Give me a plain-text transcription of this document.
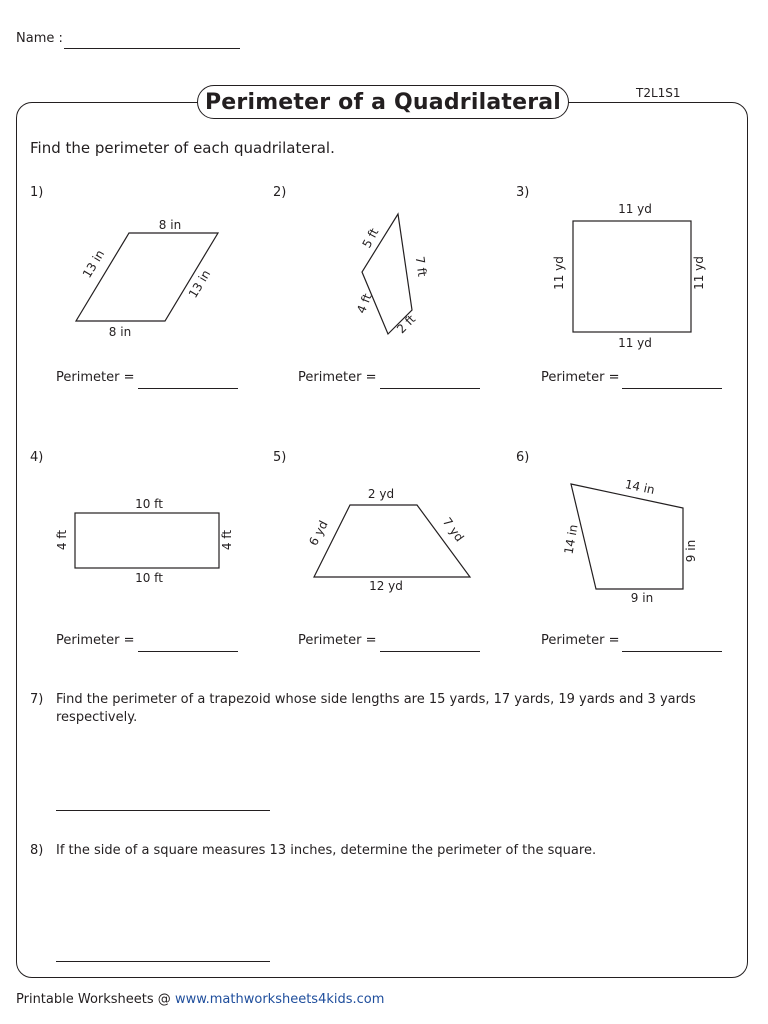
Name :
Perimeter of a Quadrilateral	T2L1S1
Find the perimeter of each quadrilateral.
1)	2)	3)
4)	5)	6)
8 in
13 in
13 in
8 in
5 ft
7 ft
4 ft
2 ft
11 yd
11 yd	11 yd
11 yd
10 ft
4 ft	4 ft
10 ft
2 yd
6 yd	7 yd
12 yd
14 in
14 in	9 in
9 in
Perimeter =	Perimeter =	Perimeter =
Perimeter =	Perimeter =	Perimeter =
7) Find the perimeter of a trapezoid whose side lengths are 15 yards, 17 yards, 19 yards and 3 yards
respectively.
8) If the side of a square measures 13 inches, determine the perimeter of the square.
Printable Worksheets @ www.mathworksheets4kids.com
